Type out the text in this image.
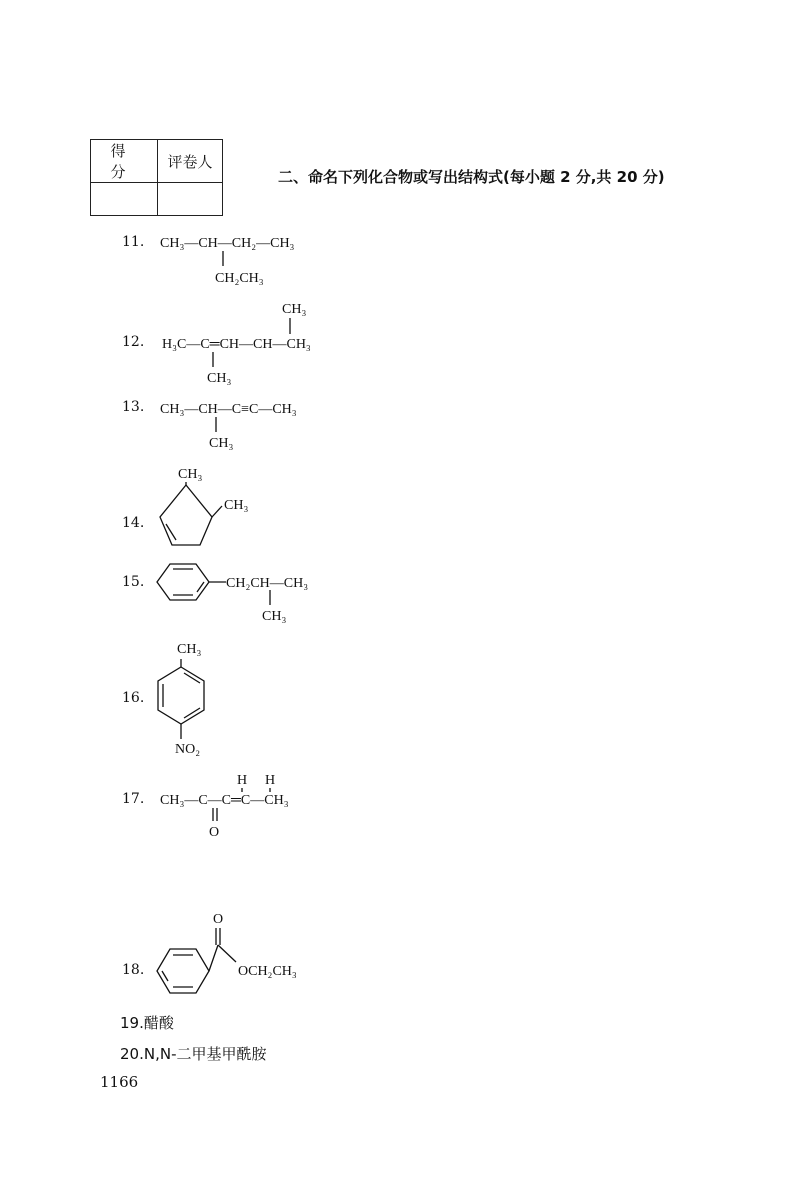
得 分	评卷人

二、命名下列化合物或写出结构式(每小题 2 分,共 20 分)
11.
12.
13.
14.
15.
16.
17.
18.
19.醋酸
20.N,N-二甲基甲酰胺
1166
CH₃—CH—CH₂—CH₃
CH₂CH₃
CH₃
H₃C—C═CH—CH—CH₃
CH₃
CH₃—CH—C≡C—CH₃
CH₃
CH₃
CH₃
CH₂CH—CH₃
CH₃
CH₃
NO₂
H H
CH₃—C—C═C—CH₃
O
O
OCH₂CH₃
